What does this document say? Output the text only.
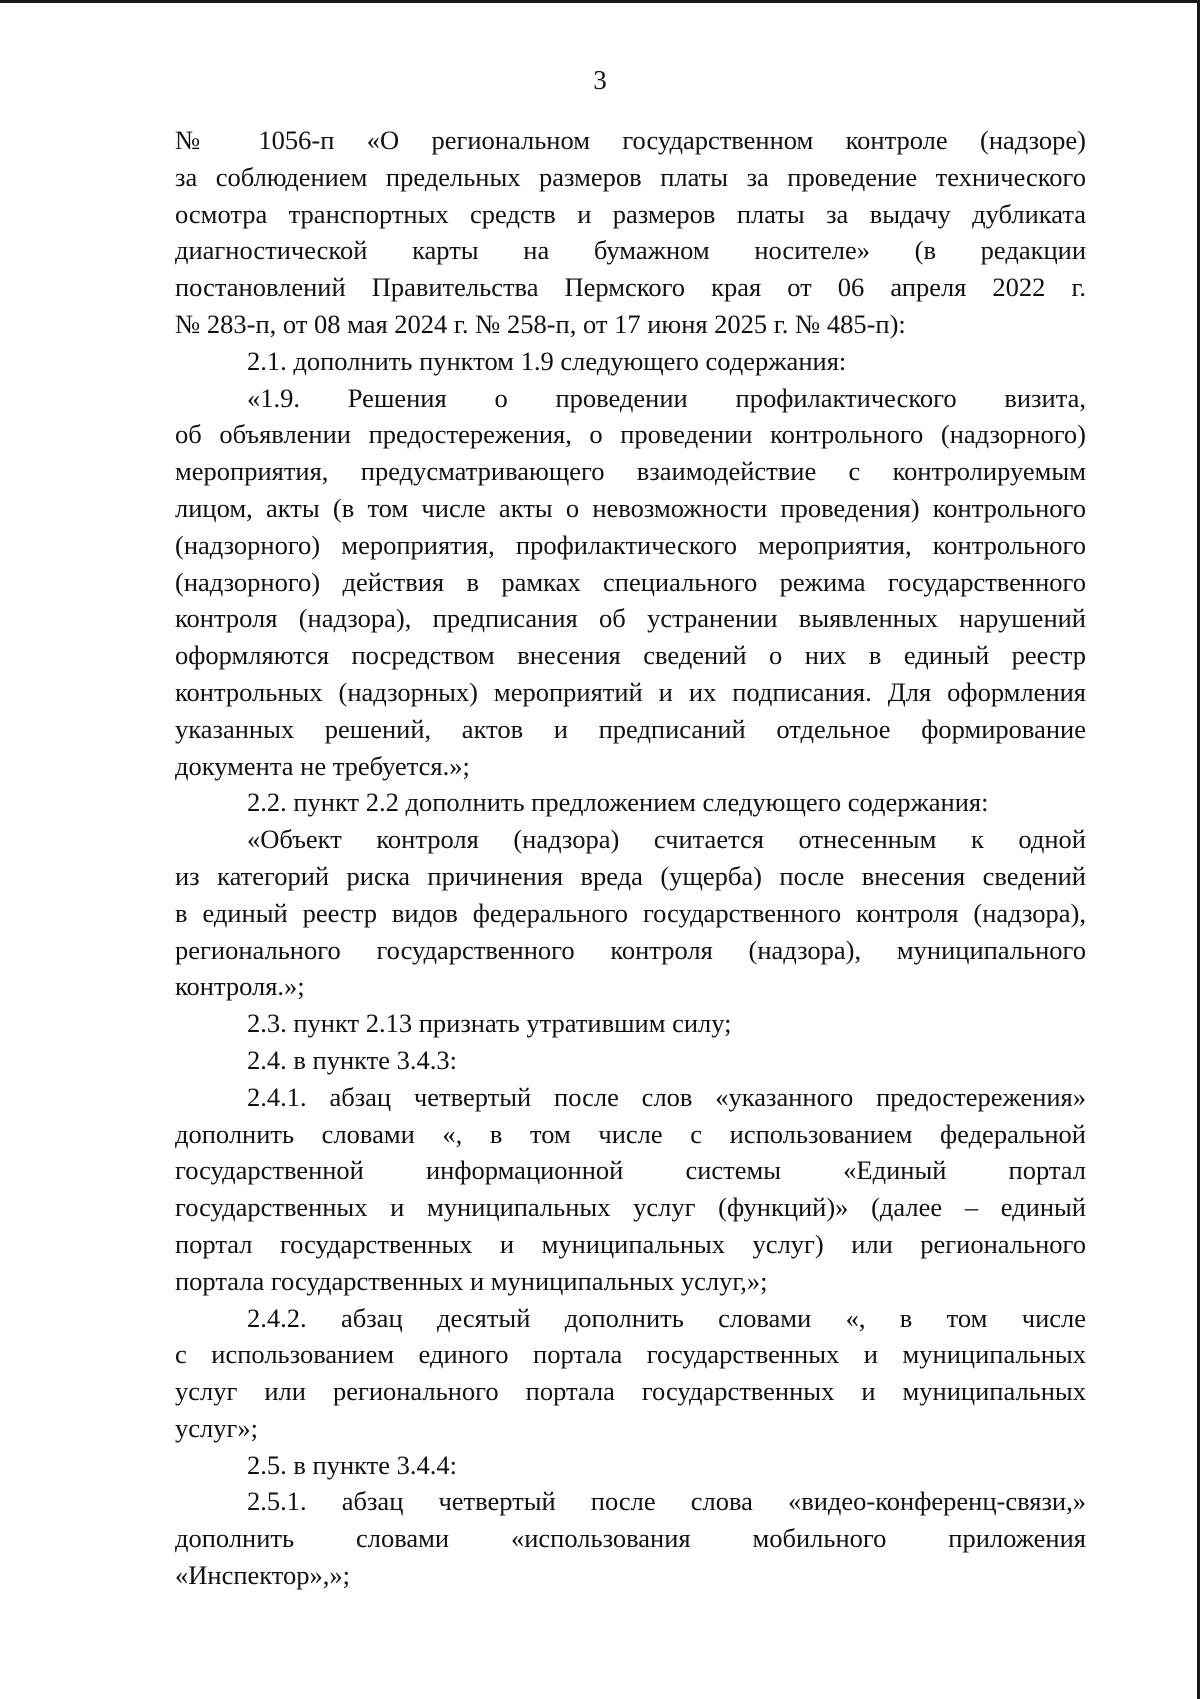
3
№ 1056-п «О региональном государственном контроле (надзоре)
за соблюдением предельных размеров платы за проведение технического
осмотра транспортных средств и размеров платы за выдачу дубликата
диагностической карты на бумажном носителе» (в редакции
постановлений Правительства Пермского края от 06 апреля 2022 г.
№ 283-п, от 08 мая 2024 г. № 258-п, от 17 июня 2025 г. № 485-п):
2.1. дополнить пунктом 1.9 следующего содержания:
«1.9. Решения о проведении профилактического визита,
об объявлении предостережения, о проведении контрольного (надзорного)
мероприятия, предусматривающего взаимодействие с контролируемым
лицом, акты (в том числе акты о невозможности проведения) контрольного
(надзорного) мероприятия, профилактического мероприятия, контрольного
(надзорного) действия в рамках специального режима государственного
контроля (надзора), предписания об устранении выявленных нарушений
оформляются посредством внесения сведений о них в единый реестр
контрольных (надзорных) мероприятий и их подписания. Для оформления
указанных решений, актов и предписаний отдельное формирование
документа не требуется.»;
2.2. пункт 2.2 дополнить предложением следующего содержания:
«Объект контроля (надзора) считается отнесенным к одной
из категорий риска причинения вреда (ущерба) после внесения сведений
в единый реестр видов федерального государственного контроля (надзора),
регионального государственного контроля (надзора), муниципального
контроля.»;
2.3. пункт 2.13 признать утратившим силу;
2.4. в пункте 3.4.3:
2.4.1. абзац четвертый после слов «указанного предостережения»
дополнить словами «, в том числе с использованием федеральной
государственной информационной системы «Единый портал
государственных и муниципальных услуг (функций)» (далее – единый
портал государственных и муниципальных услуг) или регионального
портала государственных и муниципальных услуг,»;
2.4.2. абзац десятый дополнить словами «, в том числе
с использованием единого портала государственных и муниципальных
услуг или регионального портала государственных и муниципальных
услуг»;
2.5. в пункте 3.4.4:
2.5.1. абзац четвертый после слова «видео-конференц-связи,»
дополнить словами «использования мобильного приложения
«Инспектор»,»;
